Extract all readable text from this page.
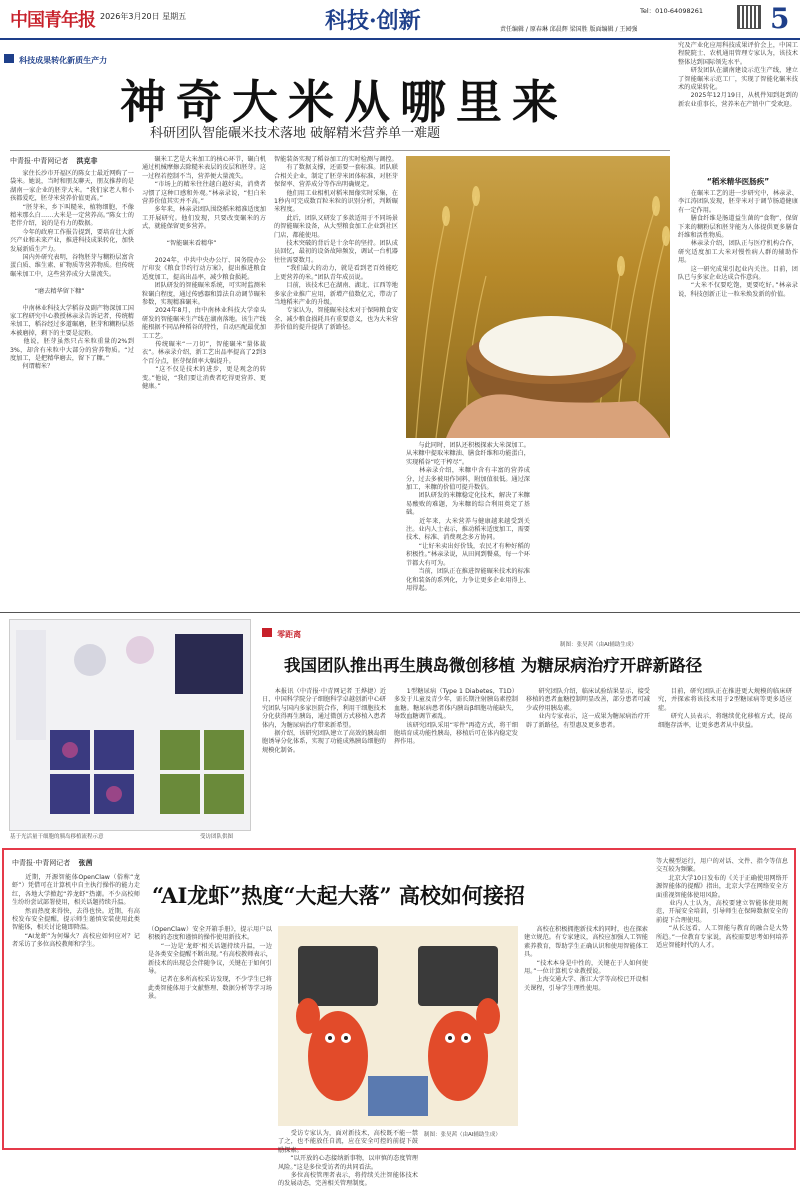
中国青年报 2026年3月20日 星期五	科技·创新	Tel：010-64098261
责任编辑 / 原春琳 邱晨辉 梁国胜 版面编辑 / 王园强	5
科技成果转化新质生产力
神奇大米从哪里来
科研团队智能碾米技术落地 破解精米营养单一难题
中青报·中青网记者 洪克非
　　家住长沙市开福区的陈女士最近网购了一袋米。她说，当时和朋友聊天，朋友推荐的是湖南一家企业的胚芽大米。“我们家老人和小孩都爱吃，胚芽米营养价值更高。”
　　“胚芽米，乡下叫糙米，植物细胞，不像精米那么白……大米是一定营养高。”陈女士的老伴介绍，说的是有力的数据。
　　今年的政府工作报告提到，要培育壮大新兴产业和未来产业，推进科技成果转化，加快发展新质生产力。
　　国内外研究表明，谷物胚芽与糊粉层富含蛋白质、维生素、矿物质等营养物质。但传统碾米加工中，这些营养成分大量流失。

　　　　“磨去精华留下糠”

　　中南林业科技大学稻谷及副产物深加工国家工程研究中心教授林亲录告诉记者，传统精米加工，稻谷经过多道碾磨，胚芽和糊粉层基本被磨掉，剩下的主要是淀粉。
　　他说，胚芽虽然只占米粒重量的2%到3%，却含有米粒中大部分的营养物质。“过度加工，是把精华磨去，留下了糠。”
　　何谓精米？
　　碾米工艺是大米加工的核心环节，碾白机通过机械摩擦去除糙米表层的皮层和胚芽。这一过程若控制不当，营养便大量流失。
　　“市场上的精米往往越白越好卖，消费者习惯了这种口感和外观。”林亲录说，“但白米营养价值其实并不高。”
　　多年来，林亲录团队围绕稻米精准适度加工开展研究。他们发现，只要改变碾米的方式，就能保留更多营养。

　　　　“智能碾米看精华”

　　2024年，中共中央办公厅、国务院办公厅印发《粮食节约行动方案》，提出推进粮食适度加工，提高出品率，减少粮食损耗。
　　团队研发的智能碾米系统，可实时监测米粒碾白程度，通过传感器和算法自动调节碾米参数，实现精准碾米。
　　2024年8月，由中南林业科技大学牵头研发的智能碾米生产线在湖南落地。该生产线能根据不同品种稻谷的特性，自动匹配最优加工工艺。
　　传统碾米“一刀切”，智能碾米“量体裁衣”。林亲录介绍，新工艺出品率提高了2到3个百分点，胚芽保留率大幅提升。
　　“这不仅是技术的进步，更是观念的转变。”他说，“我们要让消费者吃得更营养、更健康。”
智能装备实现了稻谷加工的实时检测与调控。
　　有了数据支撑，还需要一套标准。团队联合相关企业，制定了胚芽米团体标准，对胚芽保留率、营养成分等作出明确规定。
　　他们用工业相机对稻米图像实时采集，在1秒内可完成数百粒米粒的识别分析，判断碾米程度。
　　此后，团队又研发了多款适用于不同场景的智能碾米设备，从大型粮食加工企业到社区门店，都能使用。
　　技术突破的背后是十余年的坚持。团队成员回忆，最初的设备故障频发，调试一台机器往往需要数月。
　　“我们最大的动力，就是看到老百姓能吃上更营养的米。”团队青年成员说。
　　目前，该技术已在湖南、湖北、江西等地多家企业推广应用，新增产值数亿元，带动了当地稻米产业的升级。
　　专家认为，智能碾米技术对于保障粮食安全、减少粮食损耗具有重要意义，也为大米营养价值的提升提供了新路径。
　　与此同时，团队还积极探索大米深加工。从米糠中提取米糠油、膳食纤维和功能蛋白，实现稻谷“吃干榨尽”。
　　林亲录介绍，米糠中含有丰富的营养成分，过去多被用作饲料，附加值很低。通过深加工，米糠的价值可提升数倍。
　　团队研发的米糠稳定化技术，解决了米糠易酸败的难题，为米糠的综合利用奠定了基础。
　　近年来，大米营养与健康越来越受到关注。业内人士表示，推动稻米适度加工，需要技术、标准、消费观念多方协同。
　　“让好米卖出好价钱，农民才有种好稻的积极性。”林亲录说，从田间到餐桌，每一个环节都大有可为。
　　当前，团队正在推进智能碾米技术的标准化和装备的系列化，力争让更多企业用得上、用得起。
制图：张昊茜（由AI辅助生成）
究及产业化应用科技成果评价会上，中国工程院院士、农机通用管理专家认为，该技术整体达到国际领先水平。
　　研发团队在湖南建设示范生产线，建立了智能碾米示范工厂，实现了智能化碾米技术的成果转化。
　　2025年12月19日，从机件知到赶到的新农业重事长，营养米在产销中广受欢迎。
“稻米精华医肠疾”
　　在碾米工艺的进一步研究中，林亲录、李江涛团队发现，胚芽米对于调节肠道健康有一定作用。
　　膳食纤维是肠道益生菌的“食物”，保留下来的糊粉层和胚芽能为人体提供更多膳食纤维和活性物质。
　　林亲录介绍，团队正与医疗机构合作，研究适度加工大米对慢性病人群的辅助作用。
　　这一研究成果引起业内关注。目前，团队已与多家企业达成合作意向。
　　“大米不仅要吃饱，更要吃好。”林亲录说，科技创新正让一粒米焕发新的价值。
基于光活量干细胞的胰岛移植流程示意	受访团队供图
零距离
我国团队推出再生胰岛微创移植 为糖尿病治疗开辟新路径
　　本报讯（中青报·中青网记者 王烨捷）近日，中国科学院分子细胞科学卓越创新中心研究团队与国内多家医院合作，利用干细胞技术分化获得再生胰岛，通过微创方式移植入患者体内，为糖尿病治疗带来新希望。
　　据介绍，该研究团队建立了高效的胰岛细胞诱导分化体系，实现了功能成熟胰岛细胞的规模化制备。
　　1型糖尿病（Type 1 Diabetes，T1D）多发于儿童及青少年，需长期注射胰岛素控制血糖。糖尿病患者体内胰岛β细胞功能缺失，导致血糖调节紊乱。
　　该研究团队采用“零件”再造方式，将干细胞培育成功能性胰岛，移植后可在体内稳定发挥作用。
　　研究团队介绍，临床试验结果显示，接受移植的患者血糖控制明显改善，部分患者可减少或停用胰岛素。
　　业内专家表示，这一成果为糖尿病治疗开辟了新路径，有望惠及更多患者。
　　目前，研究团队正在推进更大规模的临床研究，并探索将该技术用于2型糖尿病等更多适应症。
　　研究人员表示，将继续优化移植方式，提高细胞存活率，让更多患者从中获益。
中青报·中青网记者 张茜
“AI龙虾”热度“大起大落” 高校如何接招
　　近期，开源智能体OpenClaw（俗称“龙虾”）凭借可在计算机中自主执行操作的能力走红，各地大学掀起“养龙虾”热潮。不少高校师生纷纷尝试部署使用，相关话题持续升温。
　　然而热度来得快，去得也快。近期，有高校发布安全提醒，提示师生谨慎安装使用此类智能体，相关讨论随即降温。
　　“AI龙虾”为何爆火？高校应如何应对？记者采访了多位高校教师和学生。
（OpenClaw）安全开箱手册》，提示用户以积极的态度和谨慎的操作使用新技术。
　　“一边是‘龙虾’相关话题持续升温，一边是各类安全提醒不断出现。”有高校教师表示，新技术的出现总会伴随争议，关键在于如何引导。
　　记者在多所高校采访发现，不少学生已将此类智能体用于文献整理、数据分析等学习场景。
制图：张昊茜（由AI辅助生成）
　　高校在积极拥抱新技术的同时，也在探索建立规范。有专家建议，高校应加强人工智能素养教育，帮助学生正确认识和使用智能体工具。
　　“技术本身是中性的，关键在于人如何使用。”一位计算机专业教授说。
　　上海交通大学、浙江大学等高校已开设相关课程，引导学生理性使用。
　　受访专家认为，面对新技术，高校既不能一禁了之，也不能放任自流，应在安全可控的前提下鼓励探索。
　　“以开放的心态接纳新事物，以审慎的态度管理风险。”这是多位受访者的共同看法。
　　多位高校管理者表示，将持续关注智能体技术的发展动态，完善相关管理制度。
等大模型运行，用户的对话、文件、指令等信息交互较为频繁。
　　北京大学10日发布的《关于正确使用网络开源智能体的提醒》指出，北京大学在网络安全方面重视智能体使用风险。
　　业内人士认为，高校要建立智能体使用规范，开展安全培训，引导师生在保障数据安全的前提下合理使用。
　　“从长远看，人工智能与教育的融合是大势所趋。”一位教育专家说，高校需要思考如何培养适应智能时代的人才。
